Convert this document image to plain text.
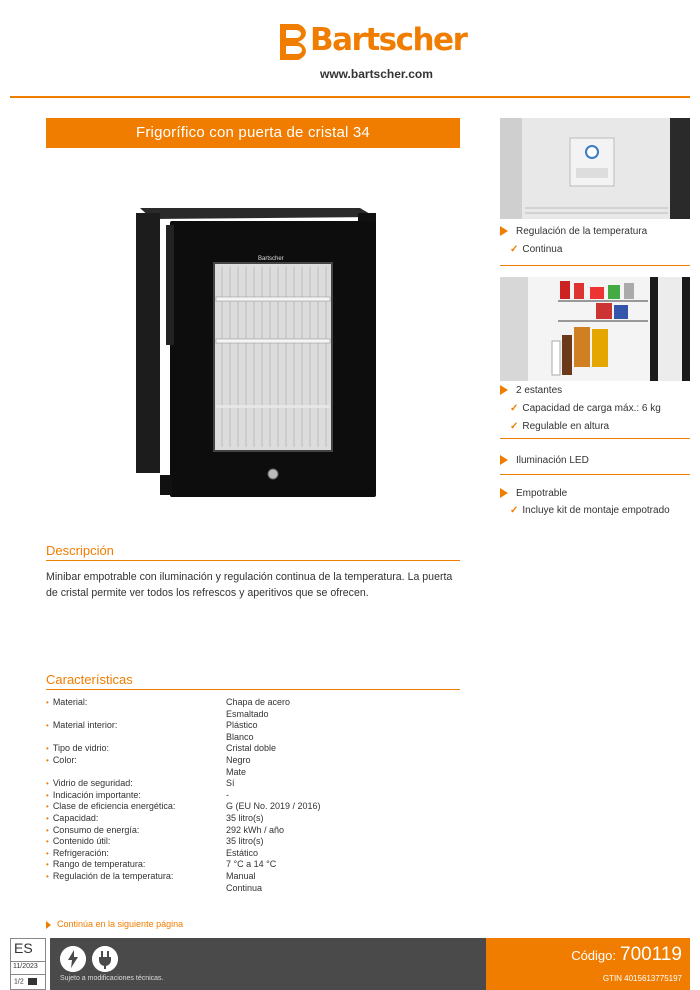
Bartscher
www.bartscher.com
Frigorífico con puerta de cristal 34
Bartscher
Regulación de la temperatura
✓ Continua
2 estantes
✓ Capacidad de carga máx.: 6 kg
✓ Regulable en altura
Iluminación LED
Empotrable
✓ Incluye kit de montaje empotrado
Descripción
Minibar empotrable con iluminación y regulación continua de la temperatura. La puerta de cristal permite ver todos los refrescos y aperitivos que se ofrecen.
Características
• Material:	Chapa de acero
Esmaltado
• Material interior:	Plástico
Blanco
• Tipo de vidrio:	Cristal doble
• Color:	Negro
Mate
• Vidrio de seguridad:	Sí
• Indicación importante:	-
• Clase de eficiencia energética:	G (EU No. 2019 / 2016)
• Capacidad:	35 litro(s)
• Consumo de energía:	292 kWh / año
• Contenido útil:	35 litro(s)
• Refrigeración:	Estático
• Rango de temperatura:	7 °C a 14 °C
• Regulación de la temperatura:	Manual
Continua
Continúa en la siguiente página
ES
11/2023
1/2	Sujeto a modificaciones técnicas.
Código: 700119
GTIN 4015613775197
